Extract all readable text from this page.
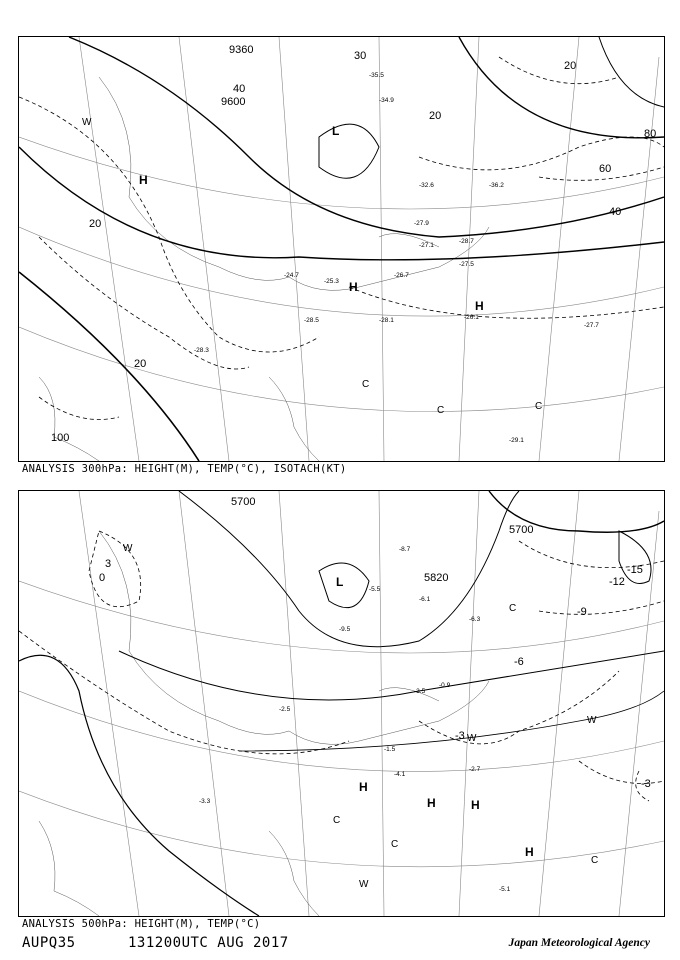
9360
9600
40
20
20
60
40
20
20
100
80
30
L
H
H
H
W
C
C	C
-28.7
-27.5
-27.9
-26.7
-26.1
-25.3
-24.7
-28.5
-28.3
-29.1
-27.7
-28.1
-35.5
-34.9
-32.6	-36.2
-27.1
ANALYSIS 300hPa: HEIGHT(M), TEMP(°C), ISOTACH(KT)
5700
5820
5700
-15
-12
-9
-6
-3
0
3
-3
L
H
H	H
H
W
W
C
C
C
C
W
W
-9.5
-8.7
-6.1
-4.1
-3.5
-2.7
-1.5
-0.9
-5.1
-2.5
-3.3
-5.5
-6.3
ANALYSIS 500hPa: HEIGHT(M), TEMP(°C)
AUPQ35	131200UTC AUG 2017	Japan Meteorological Agency
